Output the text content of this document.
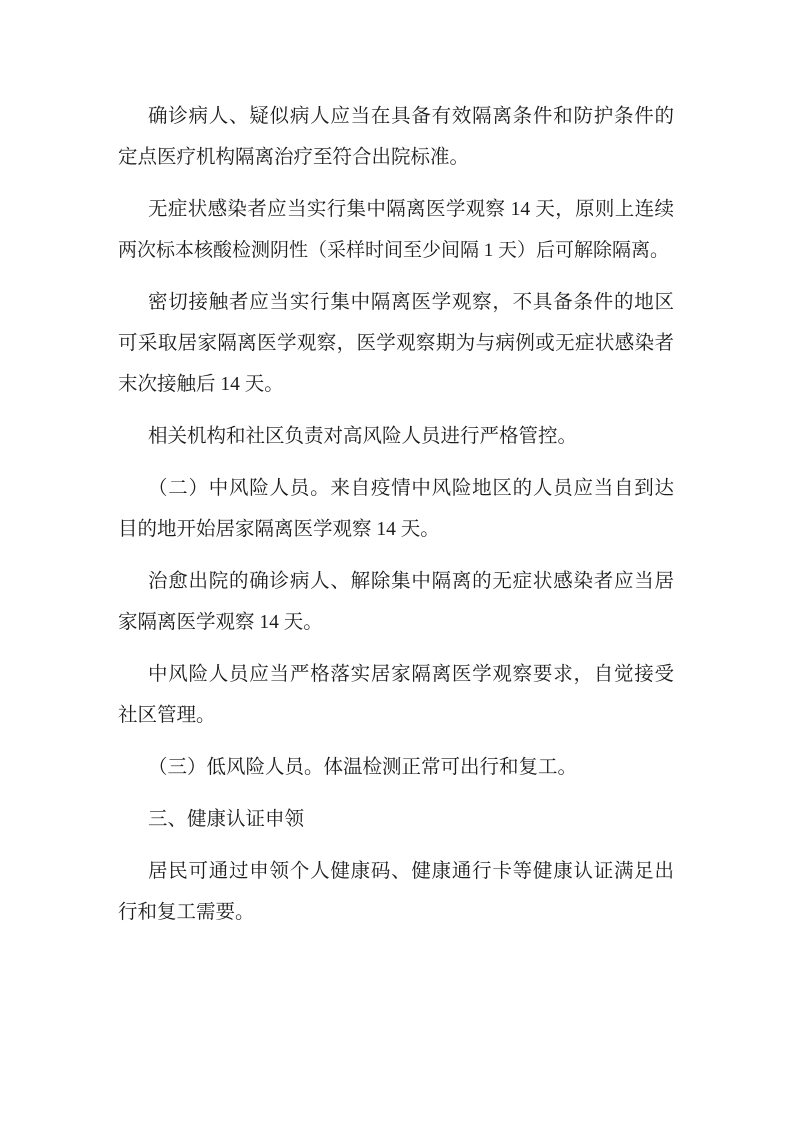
确诊病人、疑似病人应当在具备有效隔离条件和防护条件的
定点医疗机构隔离治疗至符合出院标准。
无症状感染者应当实行集中隔离医学观察 14 天，原则上连续
两次标本核酸检测阴性（采样时间至少间隔 1 天）后可解除隔离。
密切接触者应当实行集中隔离医学观察，不具备条件的地区
可采取居家隔离医学观察，医学观察期为与病例或无症状感染者
末次接触后 14 天。
相关机构和社区负责对高风险人员进行严格管控。
（二）中风险人员。来自疫情中风险地区的人员应当自到达
目的地开始居家隔离医学观察 14 天。
治愈出院的确诊病人、解除集中隔离的无症状感染者应当居
家隔离医学观察 14 天。
中风险人员应当严格落实居家隔离医学观察要求，自觉接受
社区管理。
（三）低风险人员。体温检测正常可出行和复工。
三、健康认证申领
居民可通过申领个人健康码、健康通行卡等健康认证满足出
行和复工需要。
